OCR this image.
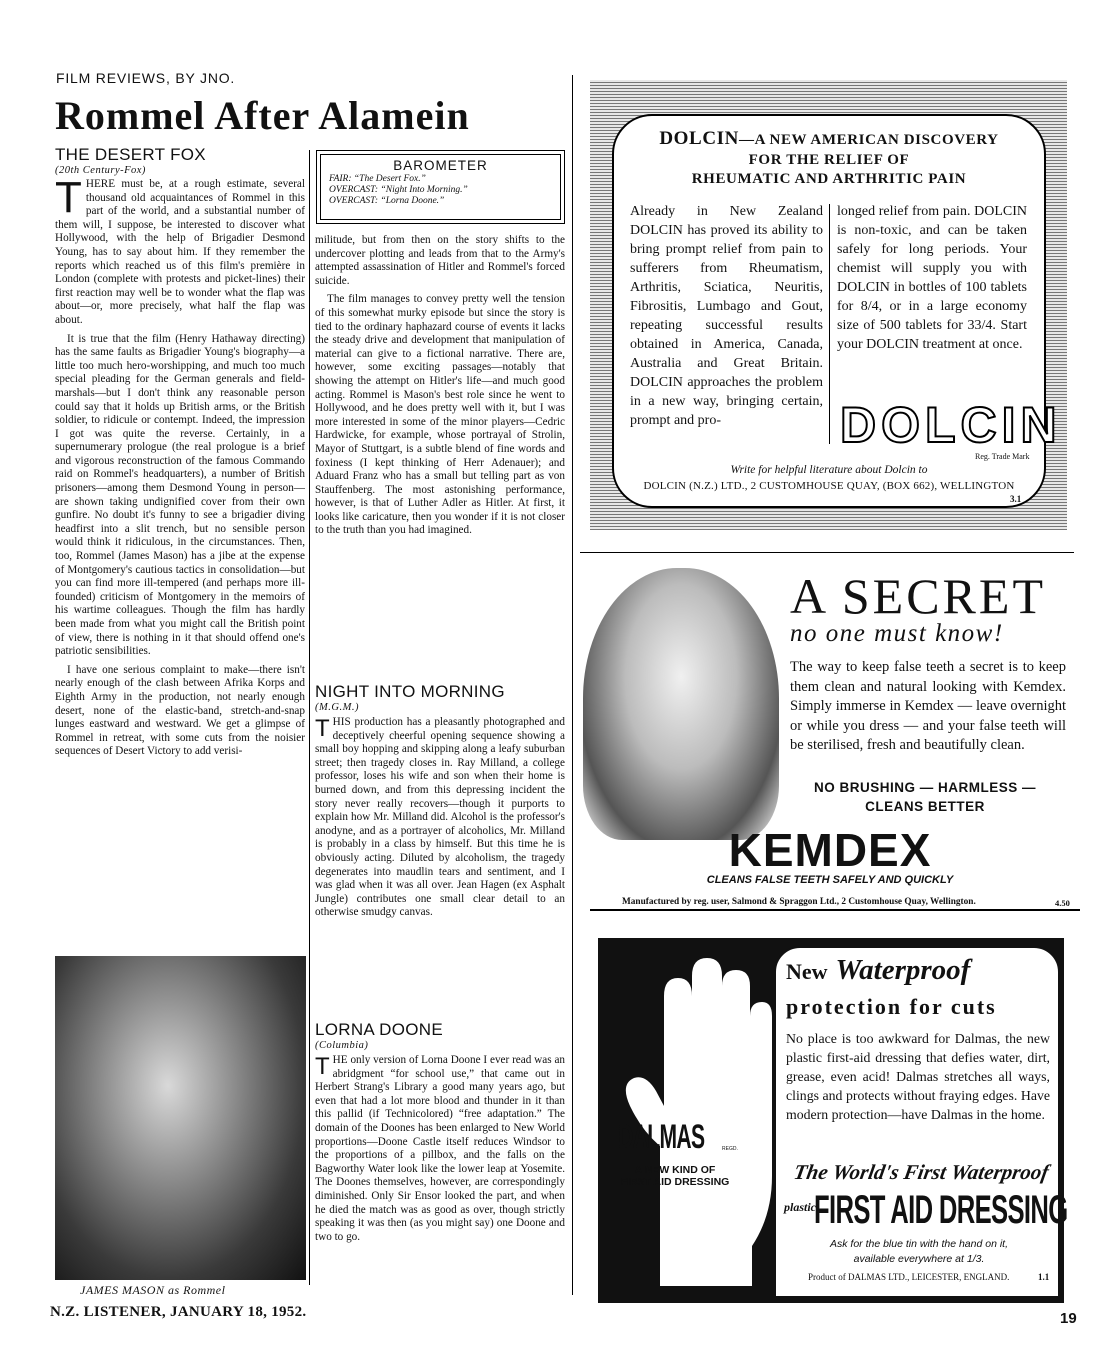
FILM REVIEWS, BY JNO.
Rommel After Alamein
THE DESERT FOX
(20th Century-Fox)

THERE must be, at a rough estimate, several thousand old acquaintances of Rommel in this part of the world, and a substantial number of them will, I suppose, be interested to discover what Hollywood, with the help of Brigadier Desmond Young, has to say about him. If they remember the reports which reached us of this film's première in London (complete with protests and picket-lines) their first reaction may well be to wonder what the flap was about—or, more precisely, what half the flap was about.

It is true that the film (Henry Hathaway directing) has the same faults as Brigadier Young's biography—a little too much hero-worshipping, and much too much special pleading for the German generals and field-marshals—but I don't think any reasonable person could say that it holds up British arms, or the British soldier, to ridicule or contempt. Indeed, the impression I got was quite the reverse. Certainly, in a supernumerary prologue (the real prologue is a brief and vigorous reconstruction of the famous Commando raid on Rommel's headquarters), a number of British prisoners—among them Desmond Young in person—are shown taking undignified cover from their own gunfire. No doubt it's funny to see a brigadier diving headfirst into a slit trench, but no sensible person would think it ridiculous, in the circumstances. Then, too, Rommel (James Mason) has a jibe at the expense of Montgomery's cautious tactics in consolidation—but you can find more ill-tempered (and perhaps more ill-founded) criticism of Montgomery in the memoirs of his wartime colleagues. Though the film has hardly been made from what you might call the British point of view, there is nothing in it that should offend one's patriotic sensibilities.

I have one serious complaint to make—there isn't nearly enough of the clash between Afrika Korps and Eighth Army in the production, not nearly enough desert, none of the elastic-band, stretch-and-snap lunges eastward and westward. We get a glimpse of Rommel in retreat, with some cuts from the noisier sequences of Desert Victory to add verisi-

JAMES MASON as Rommel
BAROMETER
FAIR: “The Desert Fox.”
OVERCAST: “Night Into Morning.”
OVERCAST: “Lorna Doone.”

militude, but from then on the story shifts to the undercover plotting and leads from that to the Army's attempted assassination of Hitler and Rommel's forced suicide.

The film manages to convey pretty well the tension of this somewhat murky episode but since the story is tied to the ordinary haphazard course of events it lacks the steady drive and development that manipulation of material can give to a fictional narrative. There are, however, some exciting passages—notably that showing the attempt on Hitler's life—and much good acting. Rommel is Mason's best role since he went to Hollywood, and he does pretty well with it, but I was more interested in some of the minor players—Cedric Hardwicke, for example, whose portrayal of Strolin, Mayor of Stuttgart, is a subtle blend of fine words and foxiness (I kept thinking of Herr Adenauer); and Aduard Franz who has a small but telling part as von Stauffenberg. The most astonishing performance, however, is that of Luther Adler as Hitler. At first, it looks like caricature, then you wonder if it is not closer to the truth than you had imagined.

NIGHT INTO MORNING
(M.G.M.)

THIS production has a pleasantly photographed and deceptively cheerful opening sequence showing a small boy hopping and skipping along a leafy suburban street; then tragedy closes in. Ray Milland, a college professor, loses his wife and son when their home is burned down, and from this depressing incident the story never really recovers—though it purports to explain how Mr. Milland did. Alcohol is the professor's anodyne, and as a portrayer of alcoholics, Mr. Milland is probably in a class by himself. But this time he is obviously acting. Diluted by alcoholism, the tragedy degenerates into maudlin tears and sentiment, and I was glad when it was all over. Jean Hagen (ex Asphalt Jungle) contributes one small clear detail to an otherwise smudgy canvas.

LORNA DOONE
(Columbia)

THE only version of Lorna Doone I ever read was an abridgment “for school use,” that came out in Herbert Strang's Library a good many years ago, but even that had a lot more blood and thunder in it than this pallid (if Technicolored) “free adaptation.” The domain of the Doones has been enlarged to New World proportions—Doone Castle itself reduces Windsor to the proportions of a pillbox, and the falls on the Bagworthy Water look like the lower leap at Yosemite. The Doones themselves, however, are correspondingly diminished. Only Sir Ensor looked the part, and when he died the match was as good as over, though strictly speaking it was then (as you might say) one Doone and two to go.

N.Z. LISTENER, JANUARY 18, 1952.	19
DOLCIN—A NEW AMERICAN DISCOVERY
FOR THE RELIEF OF
RHEUMATIC AND ARTHRITIC PAIN
Already in New Zealand DOLCIN has proved its ability to bring prompt relief from pain to sufferers from Rheumatism, Arthritis, Sciatica, Neuritis, Fibrositis, Lumbago and Gout, repeating successful results obtained in America, Canada, Australia and Great Britain. DOLCIN approaches the problem in a new way, bringing certain, prompt and pro-
longed relief from pain. DOLCIN is non-toxic, and can be taken safely for long periods. Your chemist will supply you with DOLCIN in bottles of 100 tablets for 8/4, or in a large economy size of 500 tablets for 33/4. Start your DOLCIN treatment at once.
DOLCIN
Reg. Trade Mark
Write for helpful literature about Dolcin to
DOLCIN (N.Z.) LTD., 2 CUSTOMHOUSE QUAY, (BOX 662), WELLINGTON
3.1
A SECRET
no one must know!
The way to keep false teeth a secret is to keep them clean and natural looking with Kemdex. Simply immerse in Kemdex — leave overnight or while you dress — and your false teeth will be sterilised, fresh and beautifully clean.
NO BRUSHING — HARMLESS —
CLEANS BETTER
KEMDEX
CLEANS FALSE TEETH SAFELY AND QUICKLY
Manufactured by reg. user, Salmond & Spraggon Ltd., 2 Customhouse Quay, Wellington.	4.50
DALMAS	REGD.
A NEW KIND OF
FIRST AID DRESSING
New Waterproof
protection for cuts
No place is too awkward for Dalmas, the new plastic first-aid dressing that defies water, dirt, grease, even acid! Dalmas stretches all ways, clings and protects without fraying edges. Have modern protection—have Dalmas in the home.
The World's First Waterproof
plastic
FIRST AID DRESSING
Ask for the blue tin with the hand on it,
available everywhere at 1/3.
Product of DALMAS LTD., LEICESTER, ENGLAND.	1.1
